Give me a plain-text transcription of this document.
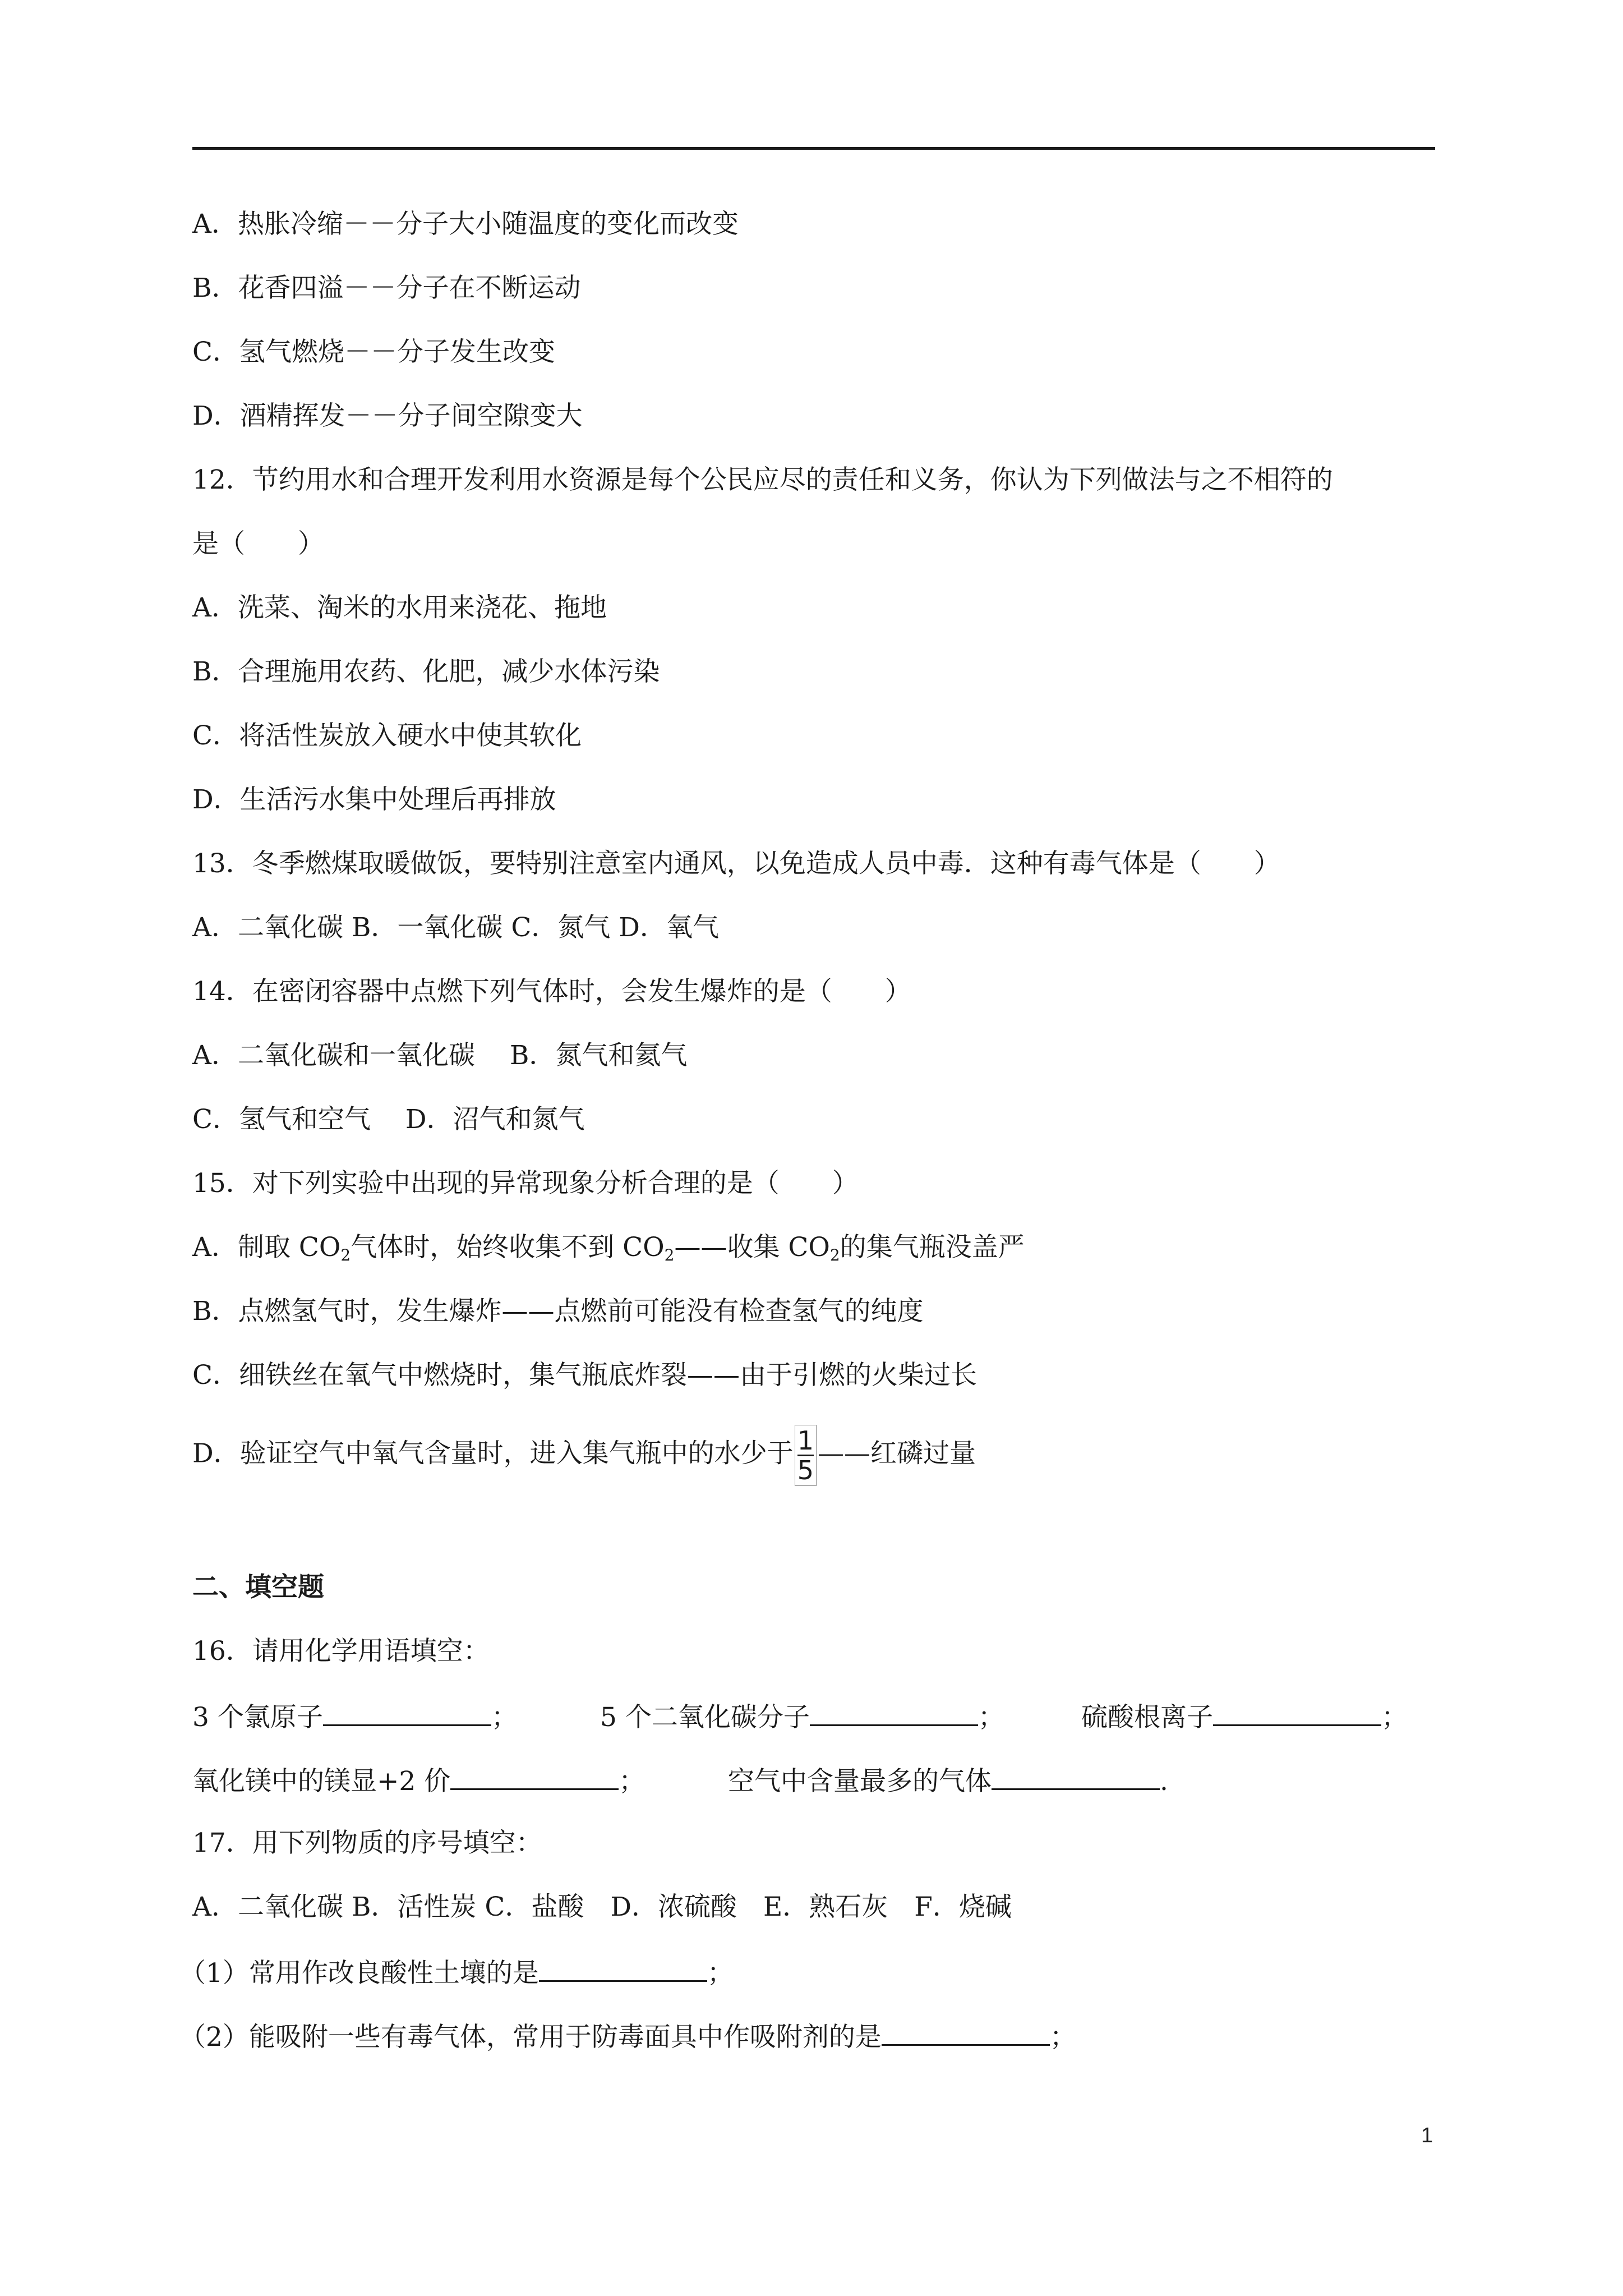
A．热胀冷缩－－分子大小随温度的变化而改变
B．花香四溢－－分子在不断运动
C．氢气燃烧－－分子发生改变
D．酒精挥发－－分子间空隙变大
12．节约用水和合理开发利用水资源是每个公民应尽的责任和义务，你认为下列做法与之不相符的
是（　　）
A．洗菜、淘米的水用来浇花、拖地
B．合理施用农药、化肥，减少水体污染
C．将活性炭放入硬水中使其软化
D．生活污水集中处理后再排放
13．冬季燃煤取暖做饭，要特别注意室内通风，以免造成人员中毒．这种有毒气体是（　　）
A．二氧化碳 B．一氧化碳 C．氮气 D．氧气
14．在密闭容器中点燃下列气体时，会发生爆炸的是（　　）
A．二氧化碳和一氧化碳　 B．氮气和氦气
C．氢气和空气　 D．沼气和氮气
15．对下列实验中出现的异常现象分析合理的是（　　）
A．制取 $CO_2$气体时，始终收集不到 $CO_2——$收集 $CO_2$的集气瓶没盖严
B．点燃氢气时，发生爆炸——点燃前可能没有检查氢气的纯度
C．细铁丝在氧气中燃烧时，集气瓶底炸裂——由于引燃的火柴过长
D．验证空气中氧气含量时，进入集气瓶中的水少于 $\frac{1}{5}$ ——红磷过量
二、填空题
16．请用化学用语填空：
3 个氯原子	；	5 个二氧化碳分子	；	硫酸根离子	；
氧化镁中的镁显+2 价	；	空气中含量最多的气体	.
17．用下列物质的序号填空：
A．二氧化碳 B．活性炭 C．盐酸　D．浓硫酸　E．熟石灰　F．烧碱
（1）常用作改良酸性土壤的是	；
（2）能吸附一些有毒气体，常用于防毒面具中作吸附剂的是	；
1
